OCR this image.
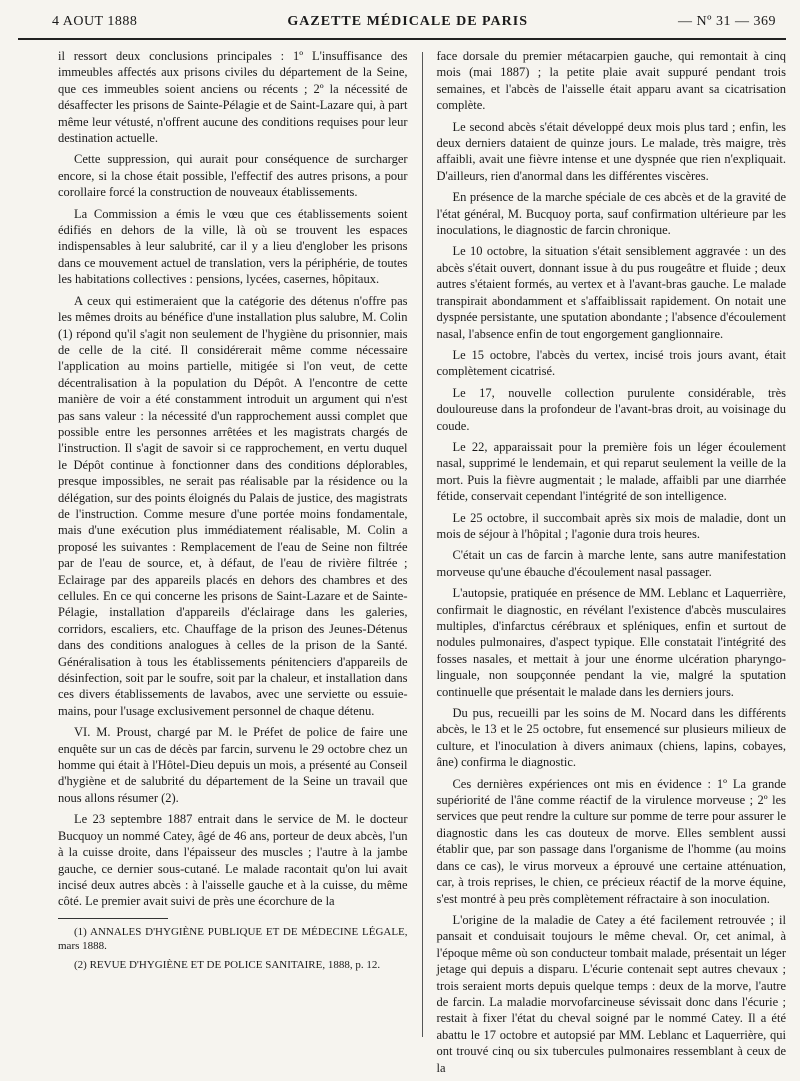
4 AOUT 1888	GAZETTE MÉDICALE DE PARIS	— Nº 31 — 369

il ressort deux conclusions principales : 1º L'insuffisance des immeubles affectés aux prisons civiles du département de la Seine, que ces immeubles soient anciens ou récents ; 2º la nécessité de désaffecter les prisons de Sainte-Pélagie et de Saint-Lazare qui, à part même leur vétusté, n'offrent aucune des conditions requises pour leur destination actuelle.

Cette suppression, qui aurait pour conséquence de surcharger encore, si la chose était possible, l'effectif des autres prisons, a pour corollaire forcé la construction de nouveaux établissements.

La Commission a émis le vœu que ces établissements soient édifiés en dehors de la ville, là où se trouvent les espaces indispensables à leur salubrité, car il y a lieu d'englober les prisons dans ce mouvement actuel de translation, vers la périphérie, de toutes les habitations collectives : pensions, lycées, casernes, hôpitaux.

A ceux qui estimeraient que la catégorie des détenus n'offre pas les mêmes droits au bénéfice d'une installation plus salubre, M. Colin (1) répond qu'il s'agit non seulement de l'hygiène du prisonnier, mais de celle de la cité. Il considérerait même comme nécessaire l'application au moins partielle, mitigée si l'on veut, de cette décentralisation à la population du Dépôt. A l'encontre de cette manière de voir a été constamment introduit un argument qui n'est pas sans valeur : la nécessité d'un rapprochement aussi complet que possible entre les personnes arrêtées et les magistrats chargés de l'instruction. Il s'agit de savoir si ce rapprochement, en vertu duquel le Dépôt continue à fonctionner dans des conditions déplorables, presque impossibles, ne serait pas réalisable par la résidence ou la délégation, sur des points éloignés du Palais de justice, des magistrats de l'instruction. Comme mesure d'une portée moins fondamentale, mais d'une exécution plus immédiatement réalisable, M. Colin a proposé les suivantes : Remplacement de l'eau de Seine non filtrée par de l'eau de source, et, à défaut, de l'eau de rivière filtrée ; Eclairage par des appareils placés en dehors des chambres et des cellules. En ce qui concerne les prisons de Saint-Lazare et de Sainte-Pélagie, installation d'appareils d'éclairage dans les galeries, corridors, escaliers, etc. Chauffage de la prison des Jeunes-Détenus dans des conditions analogues à celles de la prison de la Santé. Généralisation à tous les établissements pénitenciers d'appareils de désinfection, soit par le soufre, soit par la chaleur, et installation dans ces divers établissements de lavabos, avec une serviette ou essuie-mains, pour l'usage exclusivement personnel de chaque détenu.

VI. M. Proust, chargé par M. le Préfet de police de faire une enquête sur un cas de décès par farcin, survenu le 29 octobre chez un homme qui était à l'Hôtel-Dieu depuis un mois, a présenté au Conseil d'hygiène et de salubrité du département de la Seine un travail que nous allons résumer (2).

Le 23 septembre 1887 entrait dans le service de M. le docteur Bucquoy un nommé Catey, âgé de 46 ans, porteur de deux abcès, l'un à la cuisse droite, dans l'épaisseur des muscles ; l'autre à la jambe gauche, ce dernier sous-cutané. Le malade racontait qu'on lui avait incisé deux autres abcès : à l'aisselle gauche et à la cuisse, du même côté. Le premier avait suivi de près une écorchure de la

(1) ANNALES D'HYGIÈNE PUBLIQUE ET DE MÉDECINE LÉGALE, mars 1888.

(2) REVUE D'HYGIÈNE ET DE POLICE SANITAIRE, 1888, p. 12.

face dorsale du premier métacarpien gauche, qui remontait à cinq mois (mai 1887) ; la petite plaie avait suppuré pendant trois semaines, et l'abcès de l'aisselle était apparu avant sa cicatrisation complète.

Le second abcès s'était développé deux mois plus tard ; enfin, les deux derniers dataient de quinze jours. Le malade, très maigre, très affaibli, avait une fièvre intense et une dyspnée que rien n'expliquait. D'ailleurs, rien d'anormal dans les différentes viscères.

En présence de la marche spéciale de ces abcès et de la gravité de l'état général, M. Bucquoy porta, sauf confirmation ultérieure par les inoculations, le diagnostic de farcin chronique.

Le 10 octobre, la situation s'était sensiblement aggravée : un des abcès s'était ouvert, donnant issue à du pus rougeâtre et fluide ; deux autres s'étaient formés, au vertex et à l'avant-bras gauche. Le malade transpirait abondamment et s'affaiblissait rapidement. On notait une dyspnée persistante, une sputation abondante ; l'absence d'écoulement nasal, l'absence enfin de tout engorgement ganglionnaire.

Le 15 octobre, l'abcès du vertex, incisé trois jours avant, était complètement cicatrisé.

Le 17, nouvelle collection purulente considérable, très douloureuse dans la profondeur de l'avant-bras droit, au voisinage du coude.

Le 22, apparaissait pour la première fois un léger écoulement nasal, supprimé le lendemain, et qui reparut seulement la veille de la mort. Puis la fièvre augmentait ; le malade, affaibli par une diarrhée fétide, conservait cependant l'intégrité de son intelligence.

Le 25 octobre, il succombait après six mois de maladie, dont un mois de séjour à l'hôpital ; l'agonie dura trois heures.

C'était un cas de farcin à marche lente, sans autre manifestation morveuse qu'une ébauche d'écoulement nasal passager.

L'autopsie, pratiquée en présence de MM. Leblanc et Laquerrière, confirmait le diagnostic, en révélant l'existence d'abcès musculaires multiples, d'infarctus cérébraux et spléniques, enfin et surtout de nodules pulmonaires, d'aspect typique. Elle constatait l'intégrité des fosses nasales, et mettait à jour une énorme ulcération pharyngo-linguale, non soupçonnée pendant la vie, malgré la sputation continuelle que présentait le malade dans les derniers jours.

Du pus, recueilli par les soins de M. Nocard dans les différents abcès, le 13 et le 25 octobre, fut ensemencé sur plusieurs milieux de culture, et l'inoculation à divers animaux (chiens, lapins, cobayes, âne) confirma le diagnostic.

Ces dernières expériences ont mis en évidence : 1º La grande supériorité de l'âne comme réactif de la virulence morveuse ; 2º les services que peut rendre la culture sur pomme de terre pour assurer le diagnostic dans les cas douteux de morve. Elles semblent aussi établir que, par son passage dans l'organisme de l'homme (au moins dans ce cas), le virus morveux a éprouvé une certaine atténuation, car, à trois reprises, le chien, ce précieux réactif de la morve équine, s'est montré à peu près complètement réfractaire à son inoculation.

L'origine de la maladie de Catey a été facilement retrouvée ; il pansait et conduisait toujours le même cheval. Or, cet animal, à l'époque même où son conducteur tombait malade, présentait un léger jetage qui depuis a disparu. L'écurie contenait sept autres chevaux ; trois seraient morts depuis quelque temps : deux de la morve, l'autre de farcin. La maladie morvofarcineuse sévissait donc dans l'écurie ; restait à fixer l'état du cheval soigné par le nommé Catey. Il a été abattu le 17 octobre et autopsié par MM. Leblanc et Laquerrière, qui ont trouvé cinq ou six tubercules pulmonaires ressemblant à ceux de la
